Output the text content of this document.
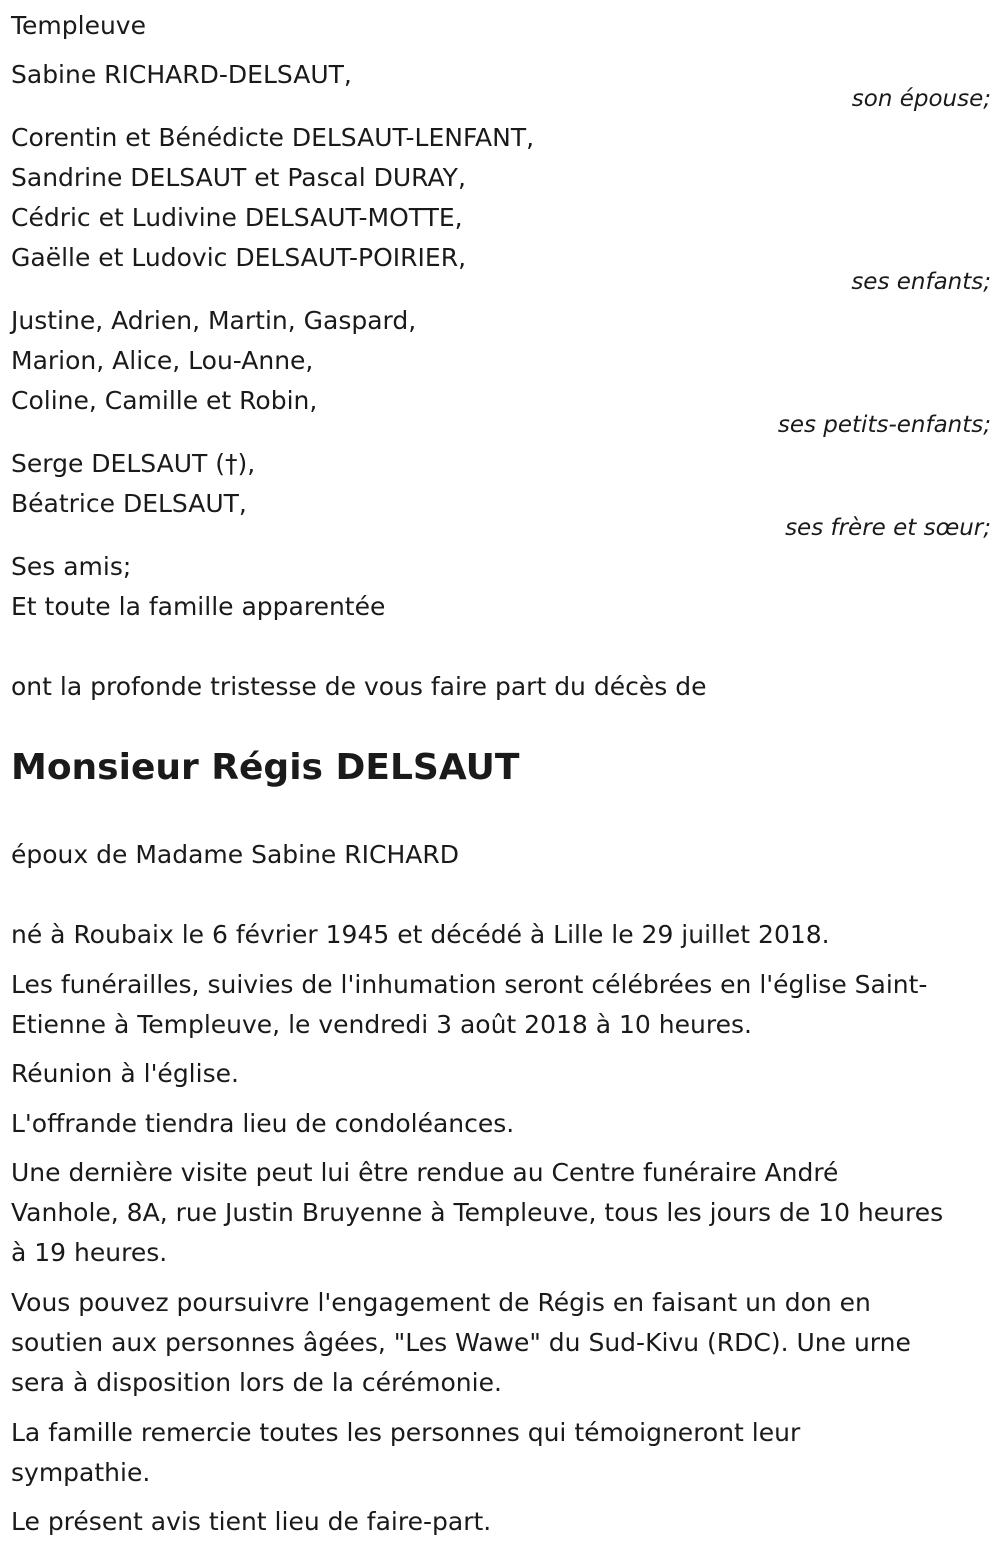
Templeuve
Sabine RICHARD-DELSAUT,
son épouse;
Corentin et Bénédicte DELSAUT-LENFANT,
Sandrine DELSAUT et Pascal DURAY,
Cédric et Ludivine DELSAUT-MOTTE,
Gaëlle et Ludovic DELSAUT-POIRIER,
ses enfants;
Justine, Adrien, Martin, Gaspard,
Marion, Alice, Lou-Anne,
Coline, Camille et Robin,
ses petits-enfants;
Serge DELSAUT (†),
Béatrice DELSAUT,
ses frère et sœur;
Ses amis;
Et toute la famille apparentée
ont la profonde tristesse de vous faire part du décès de
Monsieur Régis DELSAUT
époux de Madame Sabine RICHARD
né à Roubaix le 6 février 1945 et décédé à Lille le 29 juillet 2018.
Les funérailles, suivies de l'inhumation seront célébrées en l'église Saint-Etienne à Templeuve, le vendredi 3 août 2018 à 10 heures.
Réunion à l'église.
L'offrande tiendra lieu de condoléances.
Une dernière visite peut lui être rendue au Centre funéraire André Vanhole, 8A, rue Justin Bruyenne à Templeuve, tous les jours de 10 heures à 19 heures.
Vous pouvez poursuivre l'engagement de Régis en faisant un don en soutien aux personnes âgées, "Les Wawe" du Sud-Kivu (RDC). Une urne sera à disposition lors de la cérémonie.
La famille remercie toutes les personnes qui témoigneront leur sympathie.
Le présent avis tient lieu de faire-part.
